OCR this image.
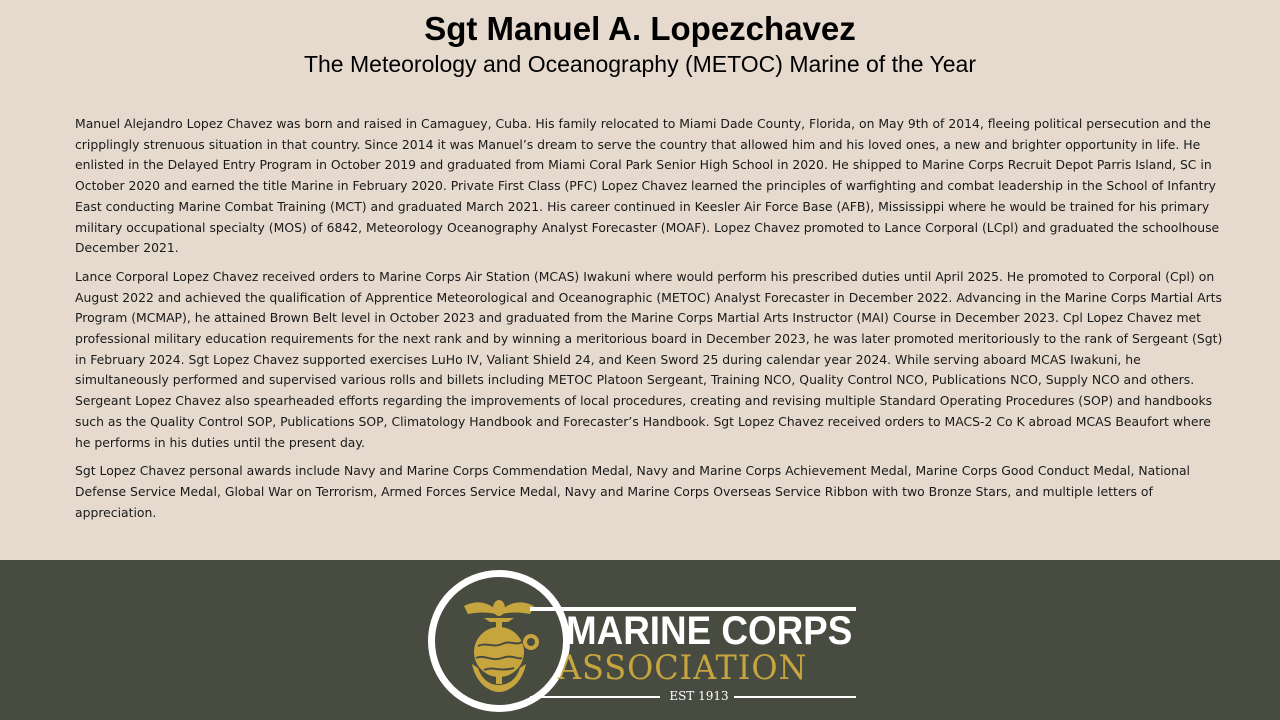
Sgt Manuel A. Lopezchavez
The Meteorology and Oceanography (METOC) Marine of the Year

Manuel Alejandro Lopez Chavez was born and raised in Camaguey, Cuba. His family relocated to Miami Dade County, Florida, on May 9th of 2014, fleeing political persecution and the cripplingly strenuous situation in that country. Since 2014 it was Manuel’s dream to serve the country that allowed him and his loved ones, a new and brighter opportunity in life. He enlisted in the Delayed Entry Program in October 2019 and graduated from Miami Coral Park Senior High School in 2020. He shipped to Marine Corps Recruit Depot Parris Island, SC in October 2020 and earned the title Marine in February 2020. Private First Class (PFC) Lopez Chavez learned the principles of warfighting and combat leadership in the School of Infantry East conducting Marine Combat Training (MCT) and graduated March 2021. His career continued in Keesler Air Force Base (AFB), Mississippi where he would be trained for his primary military occupational specialty (MOS) of 6842, Meteorology Oceanography Analyst Forecaster (MOAF). Lopez Chavez promoted to Lance Corporal (LCpl) and graduated the schoolhouse December 2021.

Lance Corporal Lopez Chavez received orders to Marine Corps Air Station (MCAS) Iwakuni where would perform his prescribed duties until April 2025. He promoted to Corporal (Cpl) on August 2022 and achieved the qualification of Apprentice Meteorological and Oceanographic (METOC) Analyst Forecaster in December 2022. Advancing in the Marine Corps Martial Arts Program (MCMAP), he attained Brown Belt level in October 2023 and graduated from the Marine Corps Martial Arts Instructor (MAI) Course in December 2023. Cpl Lopez Chavez met professional military education requirements for the next rank and by winning a meritorious board in December 2023, he was later promoted meritoriously to the rank of Sergeant (Sgt) in February 2024. Sgt Lopez Chavez supported exercises LuHo IV, Valiant Shield 24, and Keen Sword 25 during calendar year 2024. While serving aboard MCAS Iwakuni, he simultaneously performed and supervised various rolls and billets including METOC Platoon Sergeant, Training NCO, Quality Control NCO, Publications NCO, Supply NCO and others. Sergeant Lopez Chavez also spearheaded efforts regarding the improvements of local procedures, creating and revising multiple Standard Operating Procedures (SOP) and handbooks such as the Quality Control SOP, Publications SOP, Climatology Handbook and Forecaster’s Handbook. Sgt Lopez Chavez received orders to MACS-2 Co K abroad MCAS Beaufort where he performs in his duties until the present day.

Sgt Lopez Chavez personal awards include Navy and Marine Corps Commendation Medal, Navy and Marine Corps Achievement Medal, Marine Corps Good Conduct Medal, National Defense Service Medal, Global War on Terrorism, Armed Forces Service Medal, Navy and Marine Corps Overseas Service Ribbon with two Bronze Stars, and multiple letters of appreciation.

MARINE CORPS
ASSOCIATION
EST 1913
